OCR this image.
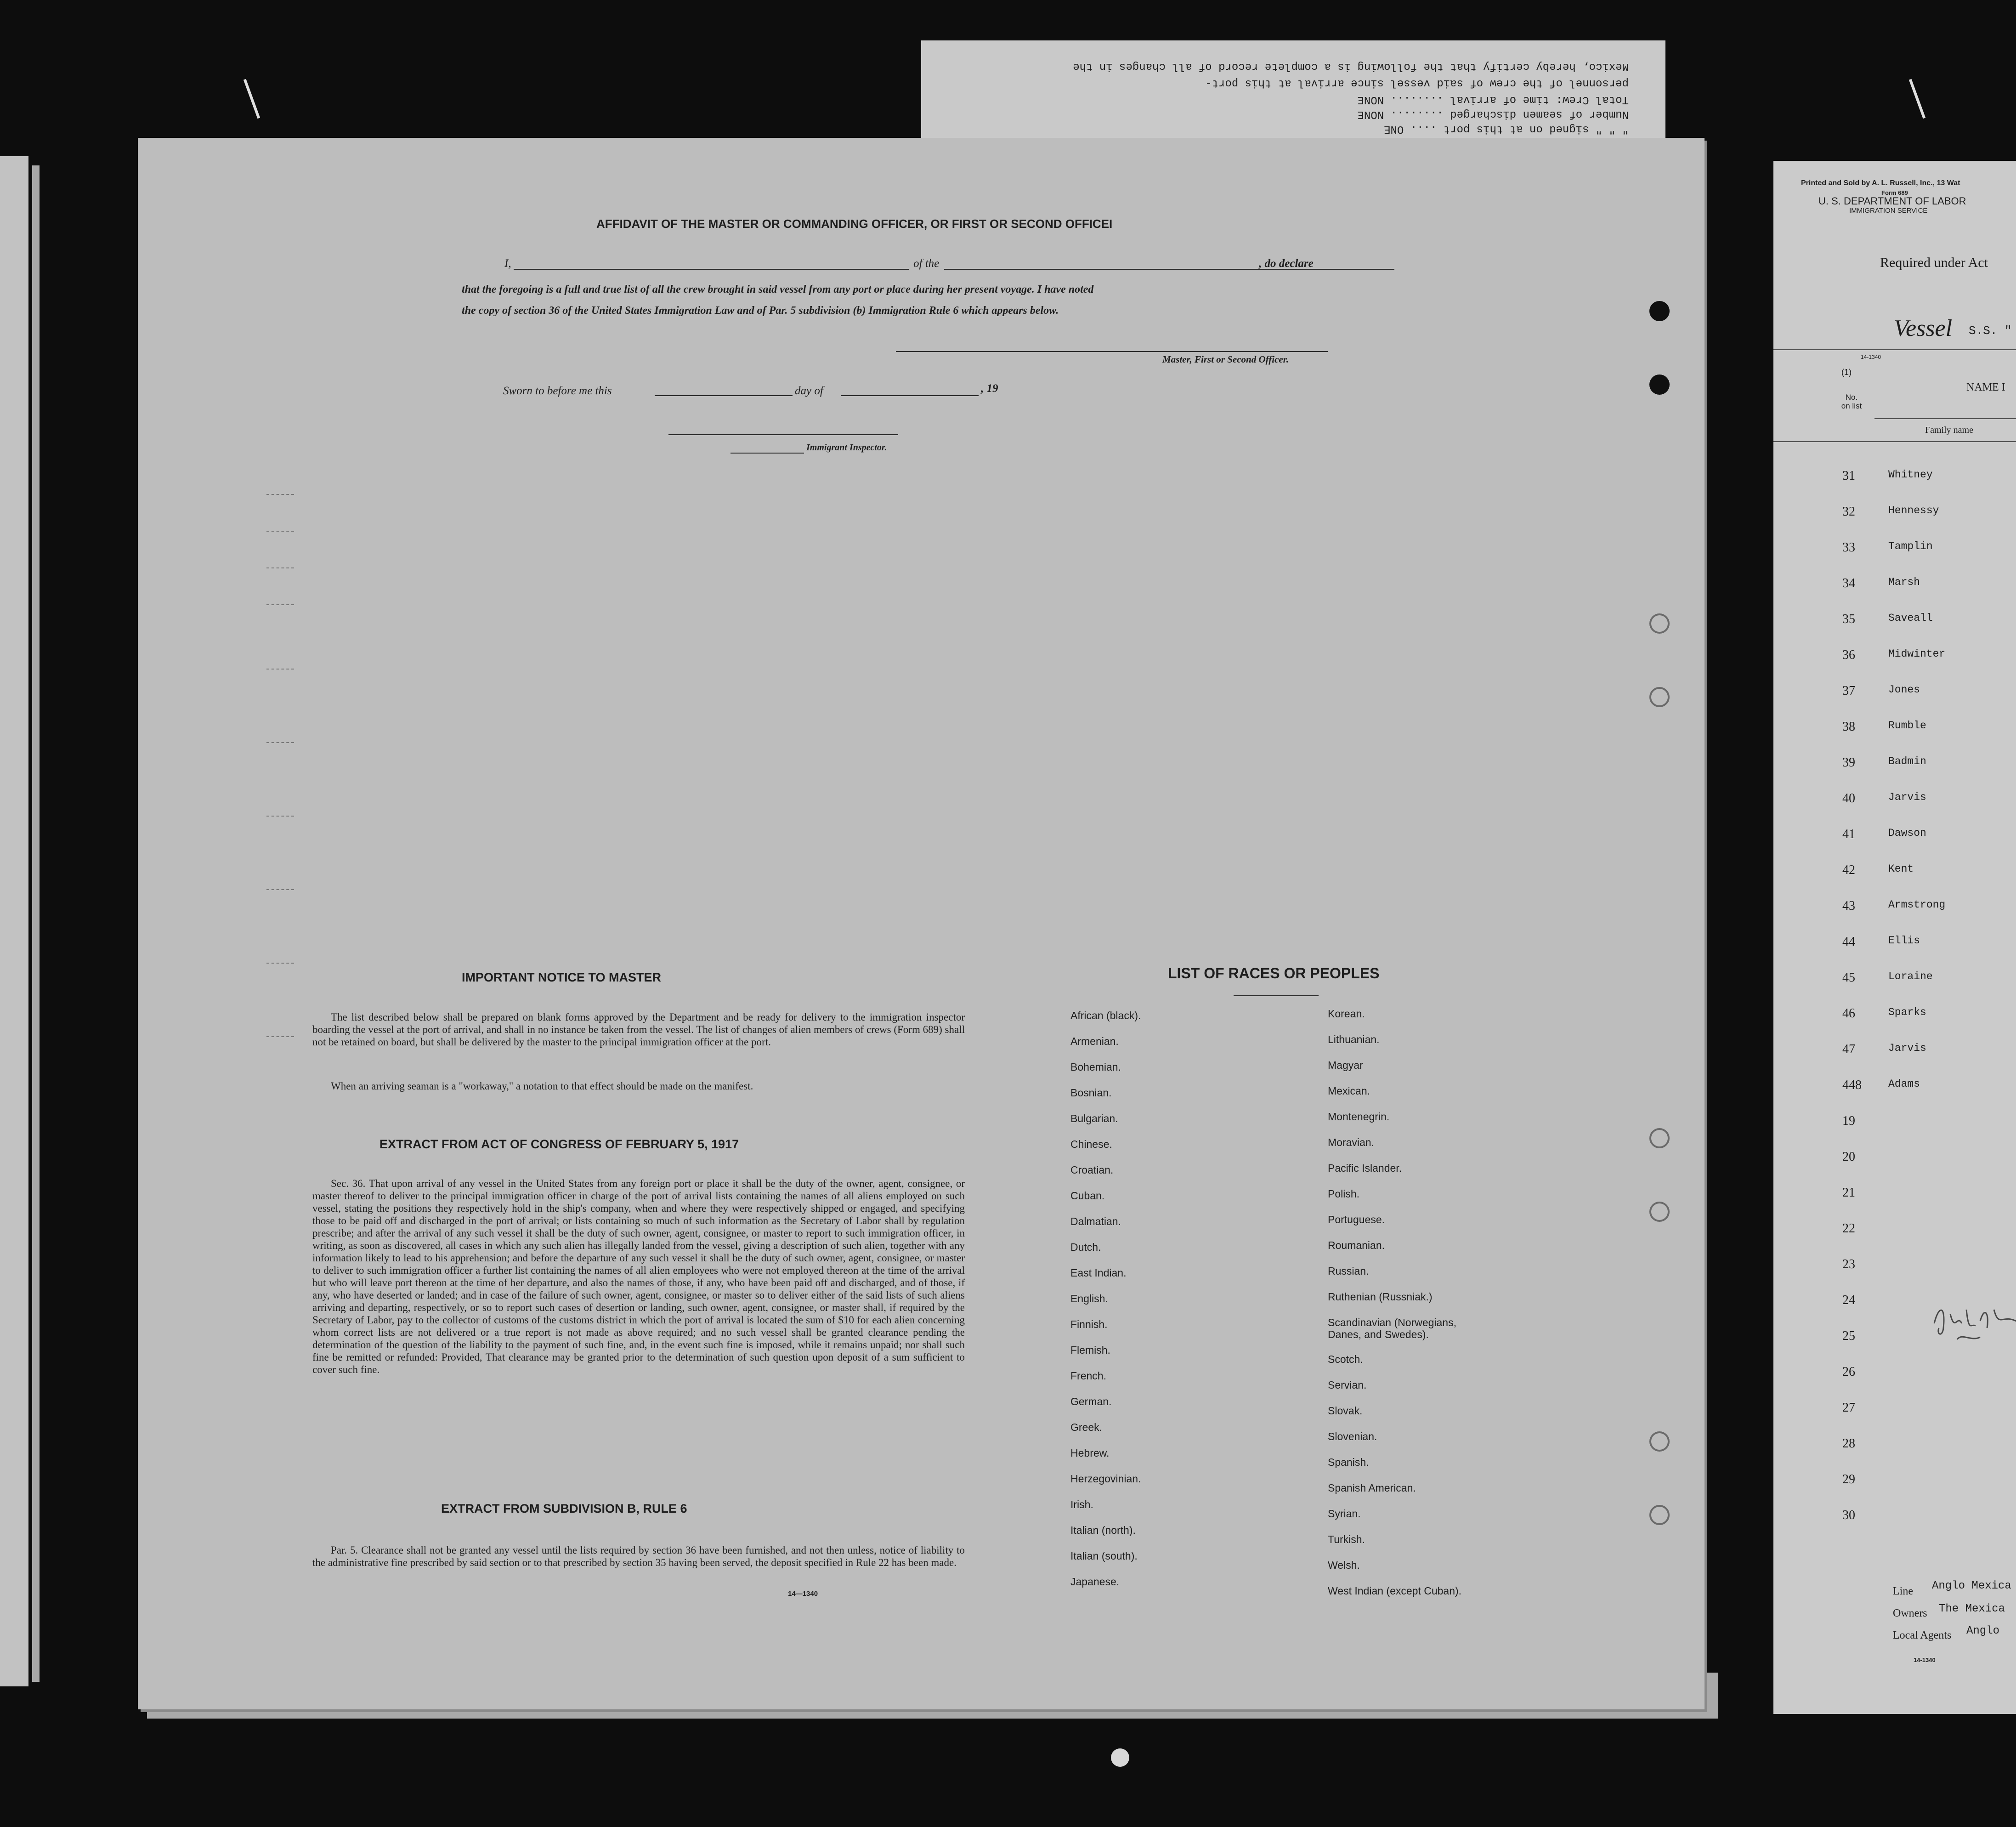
Mexico, hereby certify that the following is a complete record of all changes in the
personnel of the crew of said vessel since arrival at this port-
Total Crew: time of arrival ........ NONE
Number of seamen discharged ........ NONE
" " " signed on at this port .... ONE
AFFIDAVIT OF THE MASTER OR COMMANDING OFFICER, OR FIRST OR SECOND OFFICEI
I,	of the	, do declare
that the foregoing is a full and true list of all the crew brought in said vessel from any port or place during her present voyage. I have noted
the copy of section 36 of the United States Immigration Law and of Par. 5 subdivision (b) Immigration Rule 6 which appears below.
Master, First or Second Officer.
Sworn to before me this	day of	, 19
Immigrant Inspector.
IMPORTANT NOTICE TO MASTER
The list described below shall be prepared on blank forms approved by the Department and be ready for delivery to the immigration inspector boarding the vessel at the port of arrival, and shall in no instance be taken from the vessel. The list of changes of alien members of crews (Form 689) shall not be retained on board, but shall be delivered by the master to the principal immigration officer at the port.
When an arriving seaman is a "workaway," a notation to that effect should be made on the manifest.
EXTRACT FROM ACT OF CONGRESS OF FEBRUARY 5, 1917
Sec. 36. That upon arrival of any vessel in the United States from any foreign port or place it shall be the duty of the owner, agent, consignee, or master thereof to deliver to the principal immigration officer in charge of the port of arrival lists containing the names of all aliens employed on such vessel, stating the positions they respectively hold in the ship's company, when and where they were respectively shipped or engaged, and specifying those to be paid off and discharged in the port of arrival; or lists containing so much of such information as the Secretary of Labor shall by regulation prescribe; and after the arrival of any such vessel it shall be the duty of such owner, agent, consignee, or master to report to such immigration officer, in writing, as soon as discovered, all cases in which any such alien has illegally landed from the vessel, giving a description of such alien, together with any information likely to lead to his apprehension; and before the departure of any such vessel it shall be the duty of such owner, agent, consignee, or master to deliver to such immigration officer a further list containing the names of all alien employees who were not employed thereon at the time of the arrival but who will leave port thereon at the time of her departure, and also the names of those, if any, who have been paid off and discharged, and of those, if any, who have deserted or landed; and in case of the failure of such owner, agent, consignee, or master so to deliver either of the said lists of such aliens arriving and departing, respectively, or so to report such cases of desertion or landing, such owner, agent, consignee, or master shall, if required by the Secretary of Labor, pay to the collector of customs of the customs district in which the port of arrival is located the sum of $10 for each alien concerning whom correct lists are not delivered or a true report is not made as above required; and no such vessel shall be granted clearance pending the determination of the question of the liability to the payment of such fine, and, in the event such fine is imposed, while it remains unpaid; nor shall such fine be remitted or refunded: Provided, That clearance may be granted prior to the determination of such question upon deposit of a sum sufficient to cover such fine.
EXTRACT FROM SUBDIVISION B, RULE 6
Par. 5. Clearance shall not be granted any vessel until the lists required by section 36 have been furnished, and not then unless, notice of liability to the administrative fine prescribed by said section or to that prescribed by section 35 having been served, the deposit specified in Rule 22 has been made.
14—1340
LIST OF RACES OR PEOPLES
African (black).
Armenian.
Bohemian.
Bosnian.
Bulgarian.
Chinese.
Croatian.
Cuban.
Dalmatian.
Dutch.
East Indian.
English.
Finnish.
Flemish.
French.
German.
Greek.
Hebrew.
Herzegovinian.
Irish.
Italian (north).
Italian (south).
Japanese.
Korean.
Lithuanian.
Magyar
Mexican.
Montenegrin.
Moravian.
Pacific Islander.
Polish.
Portuguese.
Roumanian.
Russian.
Ruthenian (Russniak.)
Scandinavian (Norwegians, Danes, and Swedes).
Scotch.
Servian.
Slovak.
Slovenian.
Spanish.
Spanish American.
Syrian.
Turkish.
Welsh.
West Indian (except Cuban).
Printed and Sold by A. L. Russell, Inc., 13 Wat
Form 689
U. S. DEPARTMENT OF LABOR
IMMIGRATION SERVICE
Required under Act
Vessel S.S. "
14-1340
(1)
No. on list
NAME I
Family name
31	Whitney
32	Hennessy
33	Tamplin
34	Marsh
35	Saveall
36	Midwinter
37	Jones
38	Rumble
39	Badmin
40	Jarvis
41	Dawson
42	Kent
43	Armstrong
44	Ellis
45	Loraine
46	Sparks
47	Jarvis
448	Adams
19
20
21
22
23
24
25
26
27
28
29
30
Line Anglo Mexica
Owners The Mexica
Local Agents Anglo
14-1340
